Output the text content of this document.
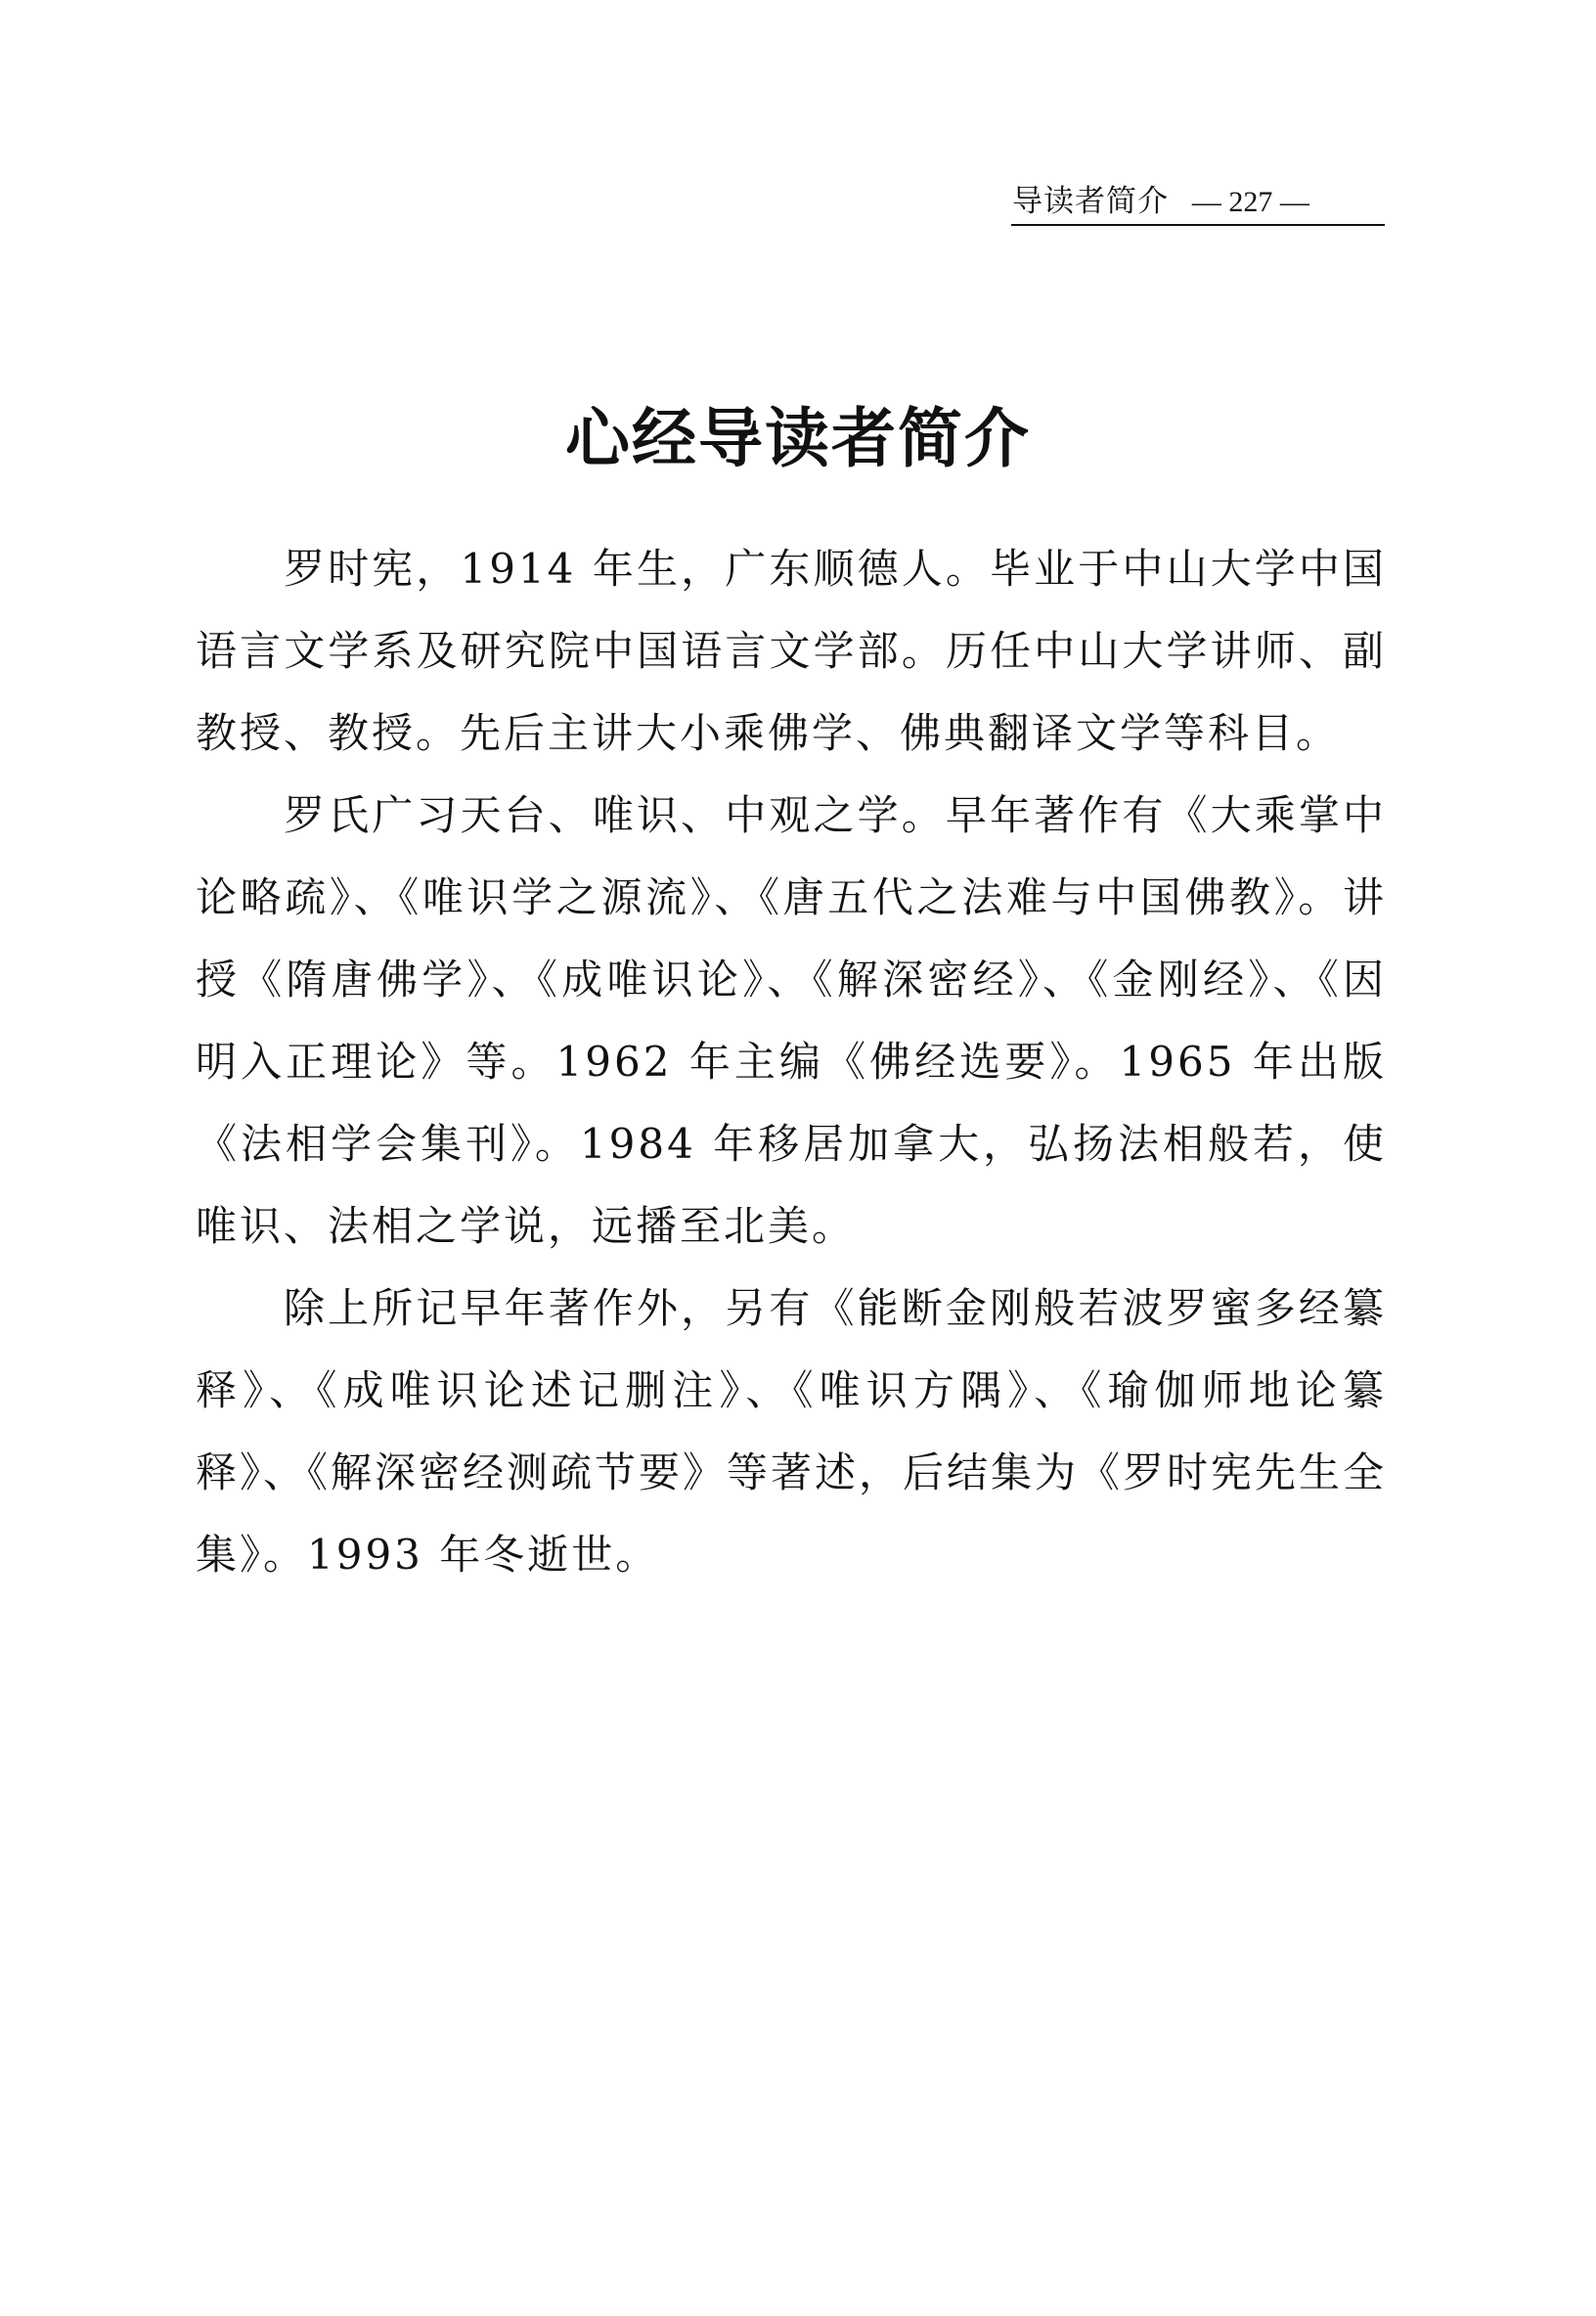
导读者简介 — 227 —
心经导读者简介

罗时宪，1914 年生，广东顺德人。毕业于中山大学中国语言文学系及研究院中国语言文学部。历任中山大学讲师、副教授、教授。先后主讲大小乘佛学、佛典翻译文学等科目。

罗氏广习天台、唯识、中观之学。早年著作有《大乘掌中论略疏》、《唯识学之源流》、《唐五代之法难与中国佛教》。讲授《隋唐佛学》、《成唯识论》、《解深密经》、《金刚经》、《因明入正理论》等。1962 年主编《佛经选要》。1965 年出版《法相学会集刊》。1984 年移居加拿大，弘扬法相般若，使唯识、法相之学说，远播至北美。

除上所记早年著作外，另有《能断金刚般若波罗蜜多经纂释》、《成唯识论述记删注》、《唯识方隅》、《瑜伽师地论纂释》、《解深密经测疏节要》等著述，后结集为《罗时宪先生全集》。1993 年冬逝世。
